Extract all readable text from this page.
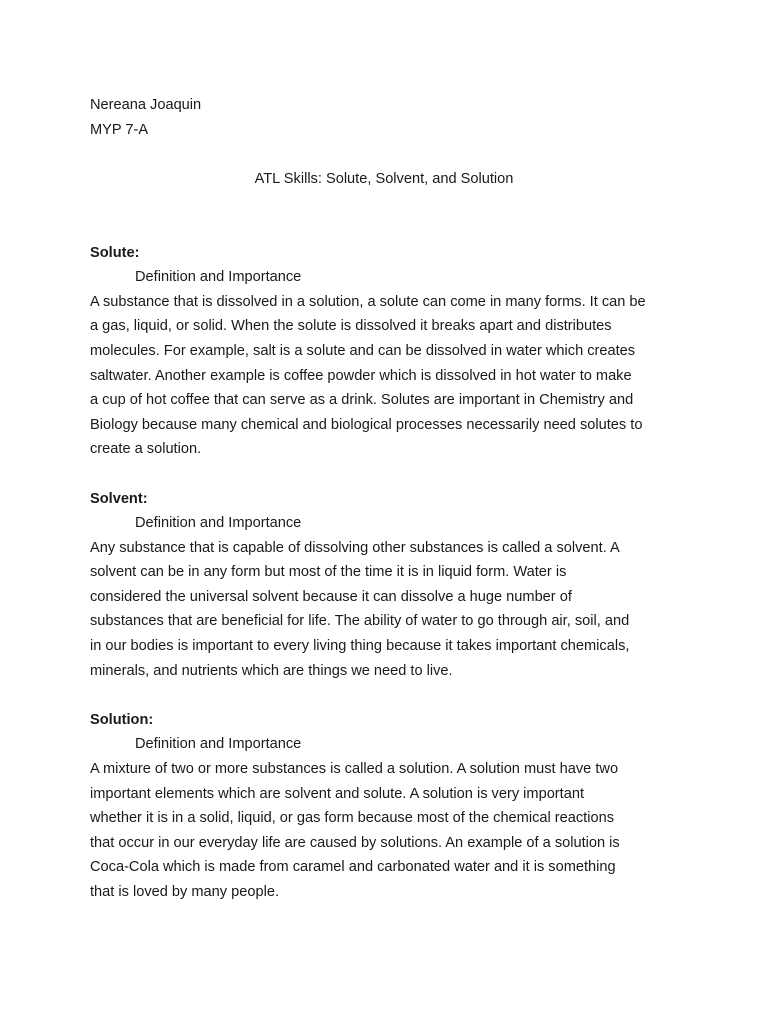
Nereana Joaquin
MYP 7-A
ATL Skills: Solute, Solvent, and Solution
Solute:
Definition and Importance
A substance that is dissolved in a solution, a solute can come in many forms. It can be
a gas, liquid, or solid. When the solute is dissolved it breaks apart and distributes
molecules. For example, salt is a solute and can be dissolved in water which creates
saltwater. Another example is coffee powder which is dissolved in hot water to make
a cup of hot coffee that can serve as a drink. Solutes are important in Chemistry and
Biology because many chemical and biological processes necessarily need solutes to
create a solution.
Solvent:
Definition and Importance
Any substance that is capable of dissolving other substances is called a solvent. A
solvent can be in any form but most of the time it is in liquid form. Water is
considered the universal solvent because it can dissolve a huge number of
substances that are beneficial for life. The ability of water to go through air, soil, and
in our bodies is important to every living thing because it takes important chemicals,
minerals, and nutrients which are things we need to live.
Solution:
Definition and Importance
A mixture of two or more substances is called a solution. A solution must have two
important elements which are solvent and solute. A solution is very important
whether it is in a solid, liquid, or gas form because most of the chemical reactions
that occur in our everyday life are caused by solutions. An example of a solution is
Coca-Cola which is made from caramel and carbonated water and it is something
that is loved by many people.
